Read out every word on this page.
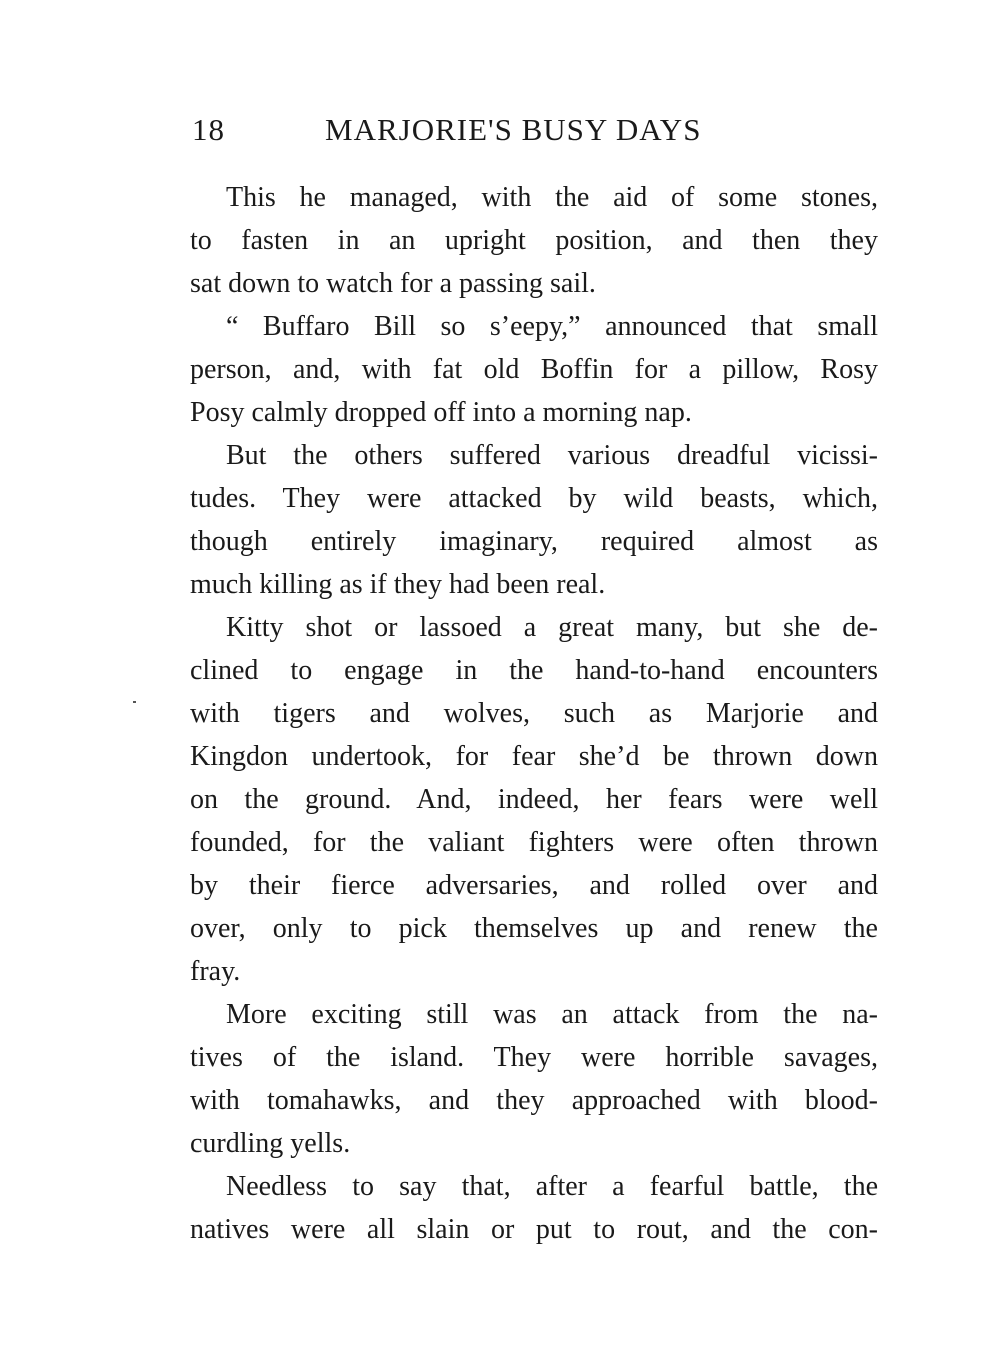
18	MARJORIE'S BUSY DAYS
This he managed, with the aid of some stones,
to fasten in an upright position, and then they
sat down to watch for a passing sail.
“ Buffaro Bill so s’eepy,” announced that small
person, and, with fat old Boffin for a pillow, Rosy
Posy calmly dropped off into a morning nap.
But the others suffered various dreadful vicissi-
tudes. They were attacked by wild beasts, which,
though entirely imaginary, required almost as
much killing as if they had been real.
Kitty shot or lassoed a great many, but she de-
clined to engage in the hand-to-hand encounters
with tigers and wolves, such as Marjorie and
Kingdon undertook, for fear she’d be thrown down
on the ground. And, indeed, her fears were well
founded, for the valiant fighters were often thrown
by their fierce adversaries, and rolled over and
over, only to pick themselves up and renew the
fray.
More exciting still was an attack from the na-
tives of the island. They were horrible savages,
with tomahawks, and they approached with blood-
curdling yells.
Needless to say that, after a fearful battle, the
natives were all slain or put to rout, and the con-
